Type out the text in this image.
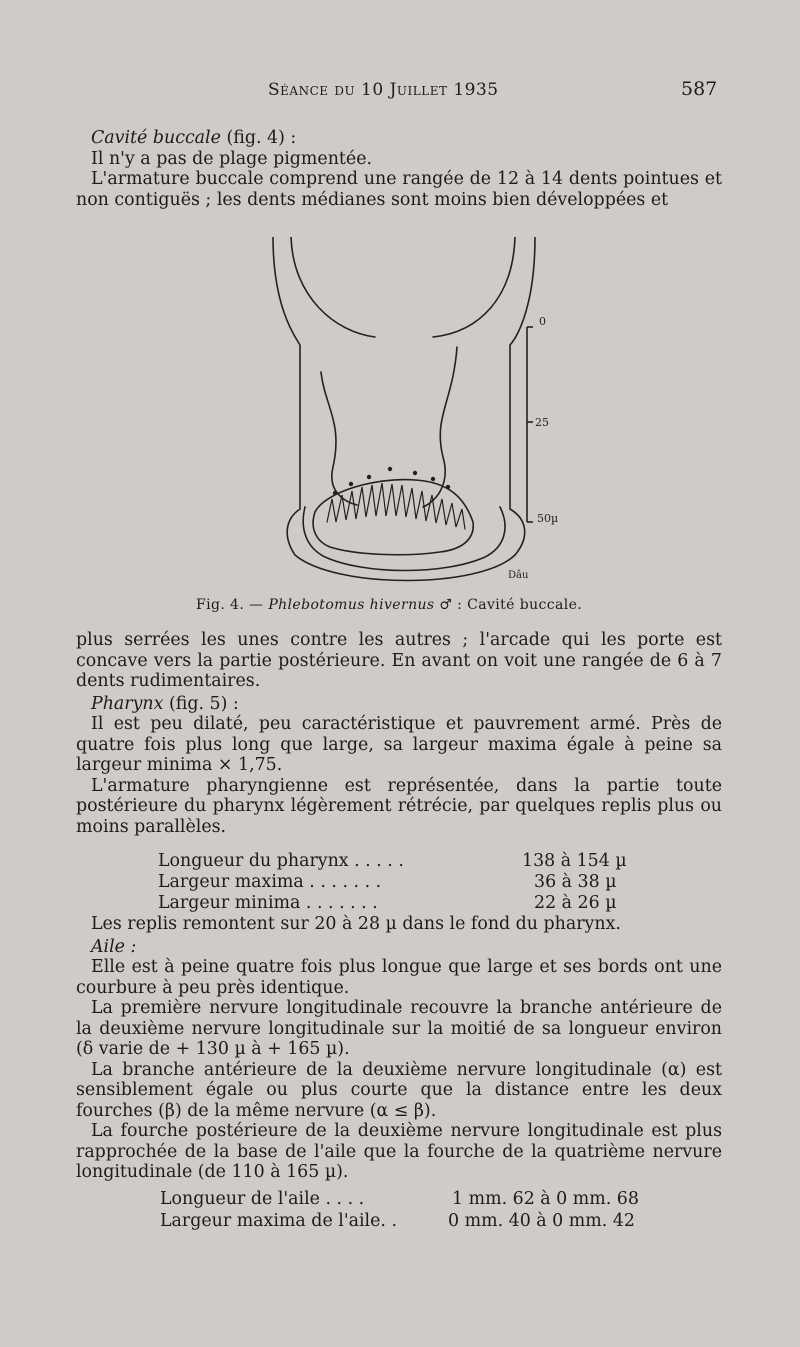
Séance du 10 Juillet 1935	587

Cavité buccale (fig. 4) :

Il n'y a pas de plage pigmentée.

L'armature buccale comprend une rangée de 12 à 14 dents pointues et non contiguës ; les dents médianes sont moins bien développées et

0
25
50µ
Dâu
Fig. 4. — Phlebotomus hivernus ♂ : Cavité buccale.

plus serrées les unes contre les autres ; l'arcade qui les porte est concave vers la partie postérieure. En avant on voit une rangée de 6 à 7 dents rudimentaires.

Pharynx (fig. 5) :

Il est peu dilaté, peu caractéristique et pauvrement armé. Près de quatre fois plus long que large, sa largeur maxima égale à peine sa largeur minima × 1,75.

L'armature pharyngienne est représentée, dans la partie toute postérieure du pharynx légèrement rétrécie, par quelques replis plus ou moins parallèles.

Longueur du pharynx . . . . .	138 à 154 µ
Largeur maxima . . . . . . .	36 à 38 µ
Largeur minima . . . . . . .	22 à 26 µ

Les replis remontent sur 20 à 28 µ dans le fond du pharynx.

Aile :

Elle est à peine quatre fois plus longue que large et ses bords ont une courbure à peu près identique.

La première nervure longitudinale recouvre la branche antérieure de la deuxième nervure longitudinale sur la moitié de sa longueur environ (δ varie de + 130 µ à + 165 µ).

La branche antérieure de la deuxième nervure longitudinale (α) est sensiblement égale ou plus courte que la distance entre les deux fourches (β) de la même nervure (α ≤ β).

La fourche postérieure de la deuxième nervure longitudinale est plus rapprochée de la base de l'aile que la fourche de la quatrième nervure longitudinale (de 110 à 165 µ).

Longueur de l'aile . . . .	1 mm. 62 à 0 mm. 68
Largeur maxima de l'aile. .	0 mm. 40 à 0 mm. 42
